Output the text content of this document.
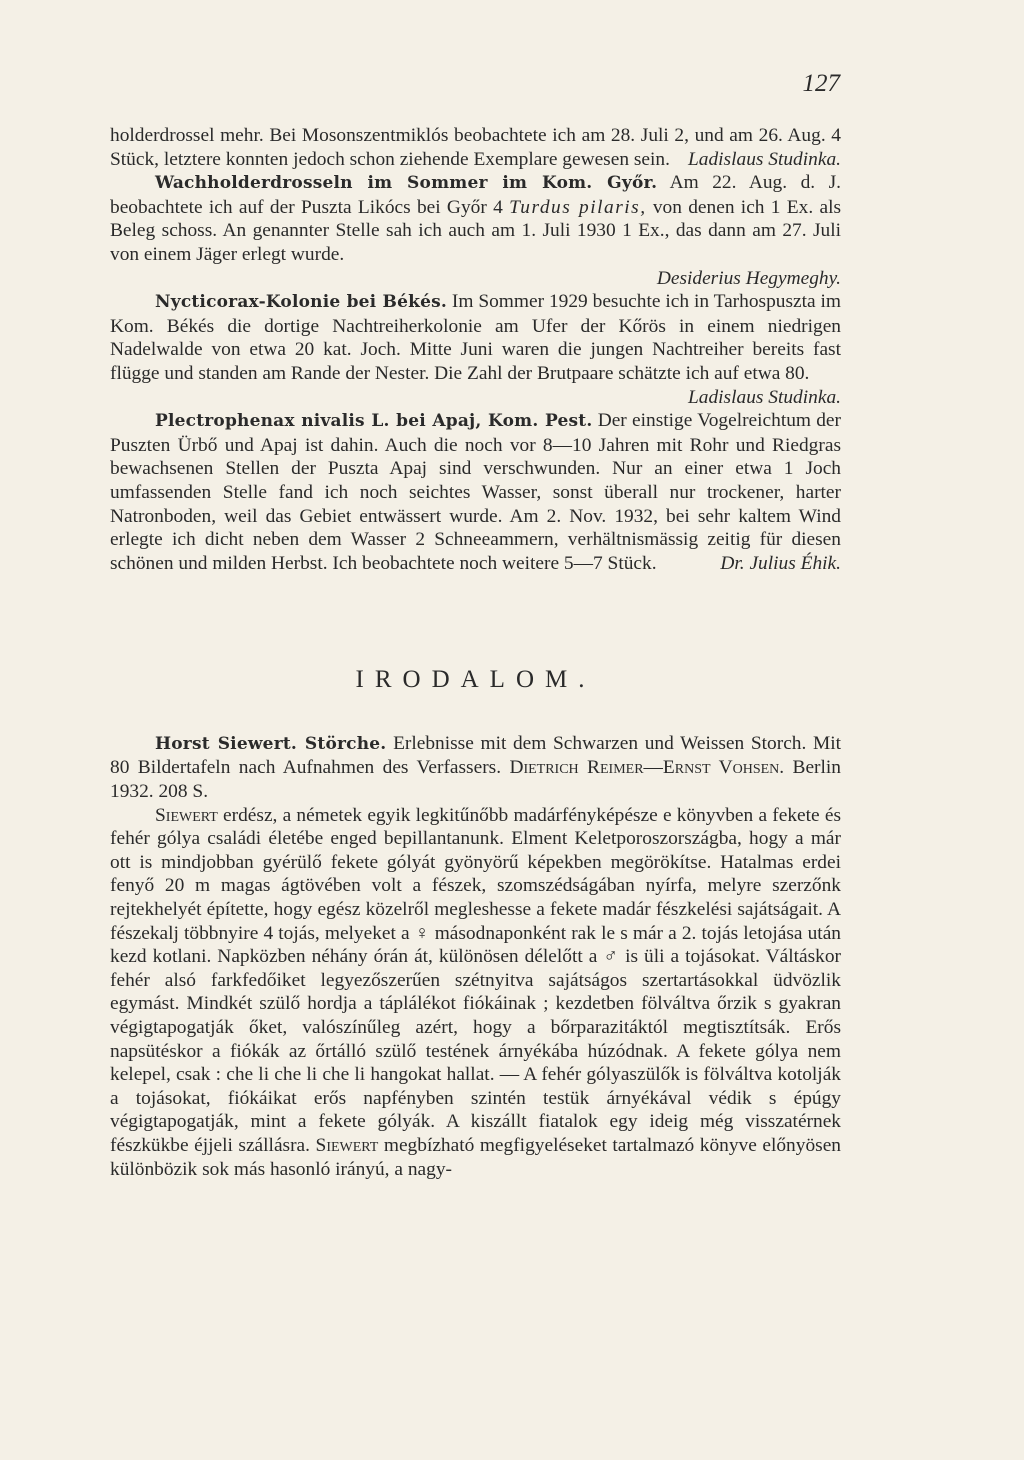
127

holderdrossel mehr. Bei Mosonszentmiklós beobachtete ich am 28. Juli 2, und am 26. Aug. 4 Stück, letztere konnten jedoch schon ziehende Exemplare gewesen sein. Ladislaus Studinka.

Wachholderdrosseln im Sommer im Kom. Győr. Am 22. Aug. d. J. beobachtete ich auf der Puszta Likócs bei Győr 4 Turdus pilaris, von denen ich 1 Ex. als Beleg schoss. An genannter Stelle sah ich auch am 1. Juli 1930 1 Ex., das dann am 27. Juli von einem Jäger erlegt wurde.

Desiderius Hegymeghy.

Nycticorax-Kolonie bei Békés. Im Sommer 1929 besuchte ich in Tarhospuszta im Kom. Békés die dortige Nachtreiherkolonie am Ufer der Kőrös in einem niedrigen Nadelwalde von etwa 20 kat. Joch. Mitte Juni waren die jungen Nachtreiher bereits fast flügge und standen am Rande der Nester. Die Zahl der Brutpaare schätzte ich auf etwa 80.

Ladislaus Studinka.

Plectrophenax nivalis L. bei Apaj, Kom. Pest. Der einstige Vogelreichtum der Puszten Ürbő und Apaj ist dahin. Auch die noch vor 8—10 Jahren mit Rohr und Riedgras bewachsenen Stellen der Puszta Apaj sind verschwunden. Nur an einer etwa 1 Joch umfassenden Stelle fand ich noch seichtes Wasser, sonst überall nur trockener, harter Natronboden, weil das Gebiet entwässert wurde. Am 2. Nov. 1932, bei sehr kaltem Wind erlegte ich dicht neben dem Wasser 2 Schneeammern, verhältnismässig zeitig für diesen schönen und milden Herbst. Ich beobachtete noch weitere 5—7 Stück.	Dr. Julius Éhik.

IRODALOM.

Horst Siewert. Störche. Erlebnisse mit dem Schwarzen und Weissen Storch. Mit 80 Bildertafeln nach Aufnahmen des Verfassers. Dietrich Reimer—Ernst Vohsen. Berlin 1932. 208 S.

Siewert erdész, a németek egyik legkitűnőbb madárfényképésze e könyvben a fekete és fehér gólya családi életébe enged bepillantanunk. Elment Keletporoszországba, hogy a már ott is mindjobban gyérülő fekete gólyát gyönyörű képekben megörökítse. Hatalmas erdei fenyő 20 m magas ágtövében volt a fészek, szomszédságában nyírfa, melyre szerzőnk rejtekhelyét építette, hogy egész közelről megleshesse a fekete madár fészkelési sajátságait. A fészekalj többnyire 4 tojás, melyeket a ♀ másodnaponként rak le s már a 2. tojás letojása után kezd kotlani. Napközben néhány órán át, különösen délelőtt a ♂ is üli a tojásokat. Váltáskor fehér alsó farkfedőiket legyezőszerűen szétnyitva sajátságos szertartásokkal üdvözlik egymást. Mindkét szülő hordja a táplálékot fiókáinak ; kezdetben fölváltva őrzik s gyakran végigtapogatják őket, valószínűleg azért, hogy a bőrparazitáktól megtisztítsák. Erős napsütéskor a fiókák az őrtálló szülő testének árnyékába húzódnak. A fekete gólya nem kelepel, csak : che li che li che li hangokat hallat. — A fehér gólyaszülők is fölváltva kotolják a tojásokat, fiókáikat erős napfényben szintén testük árnyékával védik s épúgy végigtapogatják, mint a fekete gólyák. A kiszállt fiatalok egy ideig még visszatérnek fészkükbe éjjeli szállásra. Siewert megbízható megfigyeléseket tartalmazó könyve előnyösen különbözik sok más hasonló irányú, a nagy-
